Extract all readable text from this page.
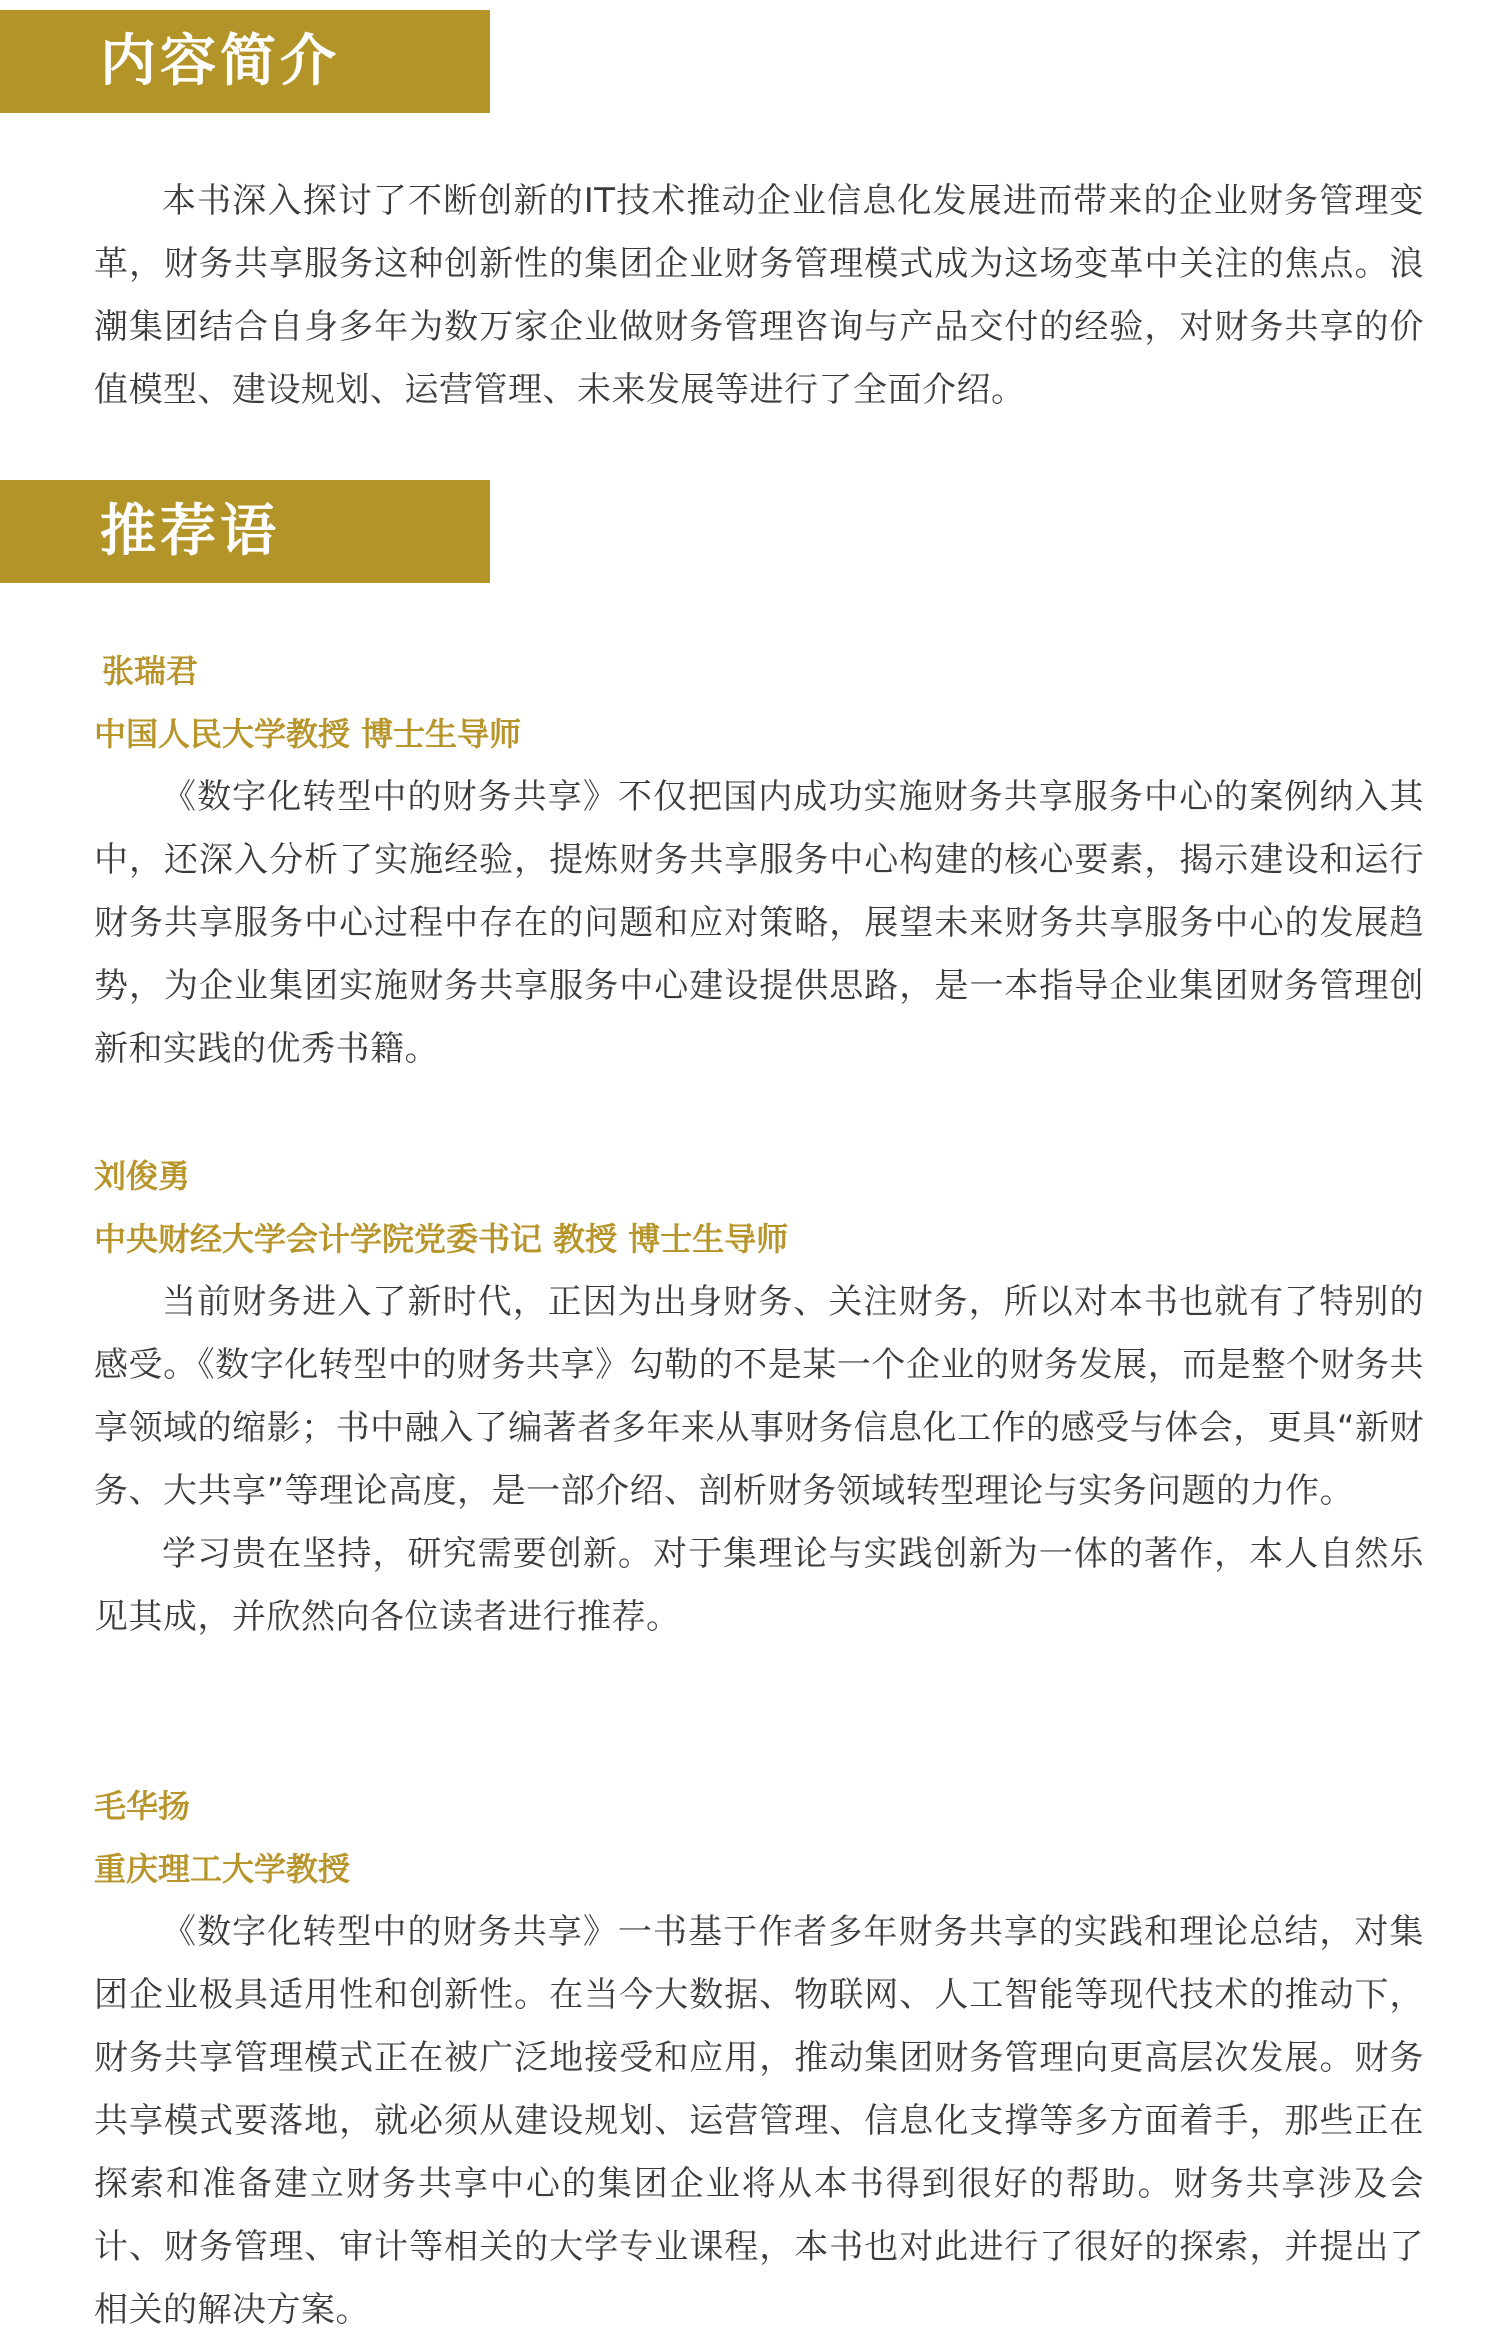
内容简介

本书深入探讨了不断创新的IT技术推动企业信息化发展进而带来的企业财务管理变革，财务共享服务这种创新性的集团企业财务管理模式成为这场变革中关注的焦点。浪潮集团结合自身多年为数万家企业做财务管理咨询与产品交付的经验，对财务共享的价值模型、建设规划、运营管理、未来发展等进行了全面介绍。

推荐语

张瑞君

中国人民大学教授 博士生导师

《数字化转型中的财务共享》不仅把国内成功实施财务共享服务中心的案例纳入其中，还深入分析了实施经验，提炼财务共享服务中心构建的核心要素，揭示建设和运行财务共享服务中心过程中存在的问题和应对策略，展望未来财务共享服务中心的发展趋势，为企业集团实施财务共享服务中心建设提供思路，是一本指导企业集团财务管理创新和实践的优秀书籍。

刘俊勇

中央财经大学会计学院党委书记 教授 博士生导师

当前财务进入了新时代，正因为出身财务、关注财务，所以对本书也就有了特别的感受。《数字化转型中的财务共享》勾勒的不是某一个企业的财务发展，而是整个财务共享领域的缩影；书中融入了编著者多年来从事财务信息化工作的感受与体会，更具“新财务、大共享”等理论高度，是一部介绍、剖析财务领域转型理论与实务问题的力作。

学习贵在坚持，研究需要创新。对于集理论与实践创新为一体的著作，本人自然乐见其成，并欣然向各位读者进行推荐。

毛华扬

重庆理工大学教授

《数字化转型中的财务共享》一书基于作者多年财务共享的实践和理论总结，对集团企业极具适用性和创新性。在当今大数据、物联网、人工智能等现代技术的推动下，财务共享管理模式正在被广泛地接受和应用，推动集团财务管理向更高层次发展。财务共享模式要落地，就必须从建设规划、运营管理、信息化支撑等多方面着手，那些正在探索和准备建立财务共享中心的集团企业将从本书得到很好的帮助。财务共享涉及会计、财务管理、审计等相关的大学专业课程，本书也对此进行了很好的探索，并提出了相关的解决方案。
